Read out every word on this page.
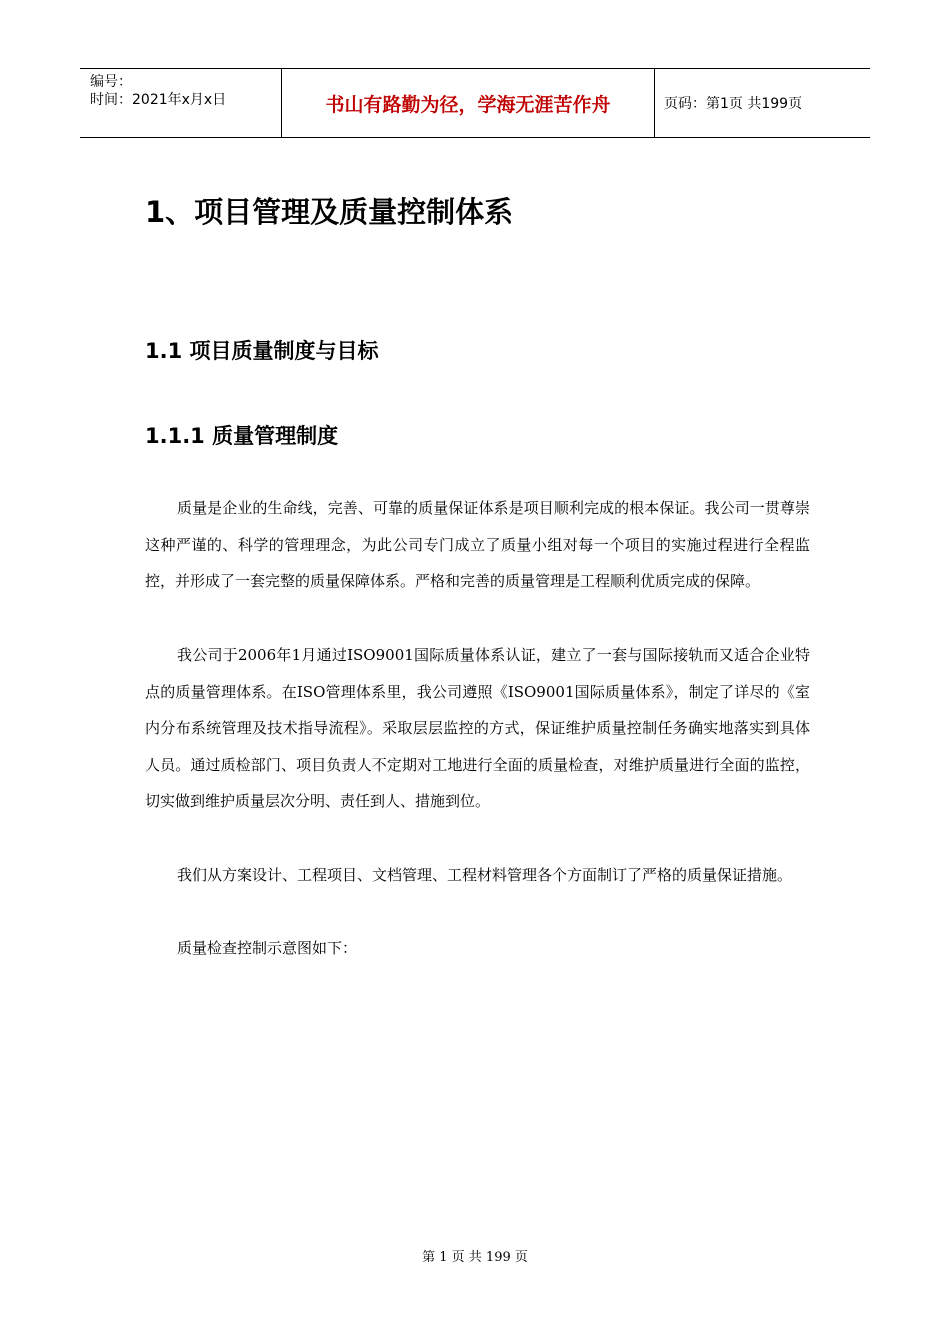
编号：
时间：2021年x月x日	书山有路勤为径，学海无涯苦作舟	页码：第1页 共199页
1、项目管理及质量控制体系
1.1 项目质量制度与目标
1.1.1 质量管理制度

质量是企业的生命线，完善、可靠的质量保证体系是项目顺利完成的根本保证。我公司一贯尊崇这种严谨的、科学的管理理念，为此公司专门成立了质量小组对每一个项目的实施过程进行全程监控，并形成了一套完整的质量保障体系。严格和完善的质量管理是工程顺利优质完成的保障。

我公司于2006年1月通过ISO9001国际质量体系认证，建立了一套与国际接轨而又适合企业特点的质量管理体系。在ISO管理体系里，我公司遵照《ISO9001国际质量体系》，制定了详尽的《室内分布系统管理及技术指导流程》。采取层层监控的方式，保证维护质量控制任务确实地落实到具体人员。通过质检部门、项目负责人不定期对工地进行全面的质量检查，对维护质量进行全面的监控，切实做到维护质量层次分明、责任到人、措施到位。

我们从方案设计、工程项目、文档管理、工程材料管理各个方面制订了严格的质量保证措施。

质量检查控制示意图如下：

第 1 页 共 199 页
